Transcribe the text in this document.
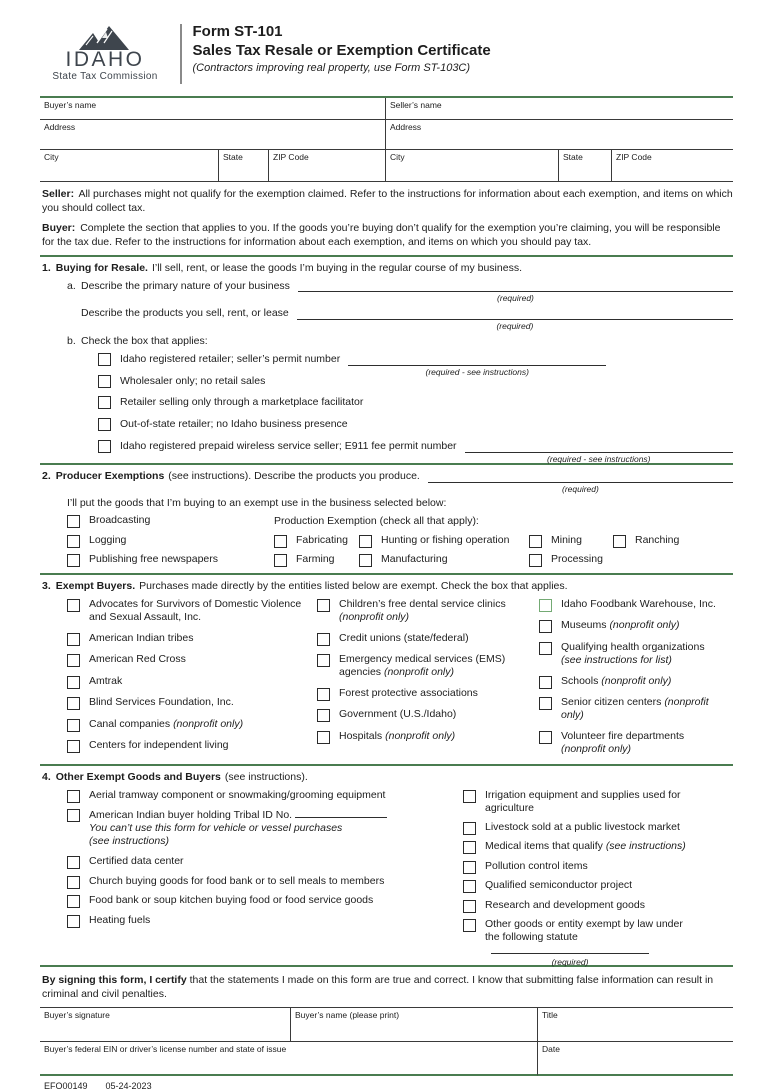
IDAHO
State Tax Commission
Form ST-101
Sales Tax Resale or Exemption Certificate
(Contractors improving real property, use Form ST-103C)
Buyer’s name	Seller’s name
Address	Address
City	State	ZIP Code	City	State	ZIP Code

Seller: All purchases might not qualify for the exemption claimed. Refer to the instructions for information about each exemption, and items on which you should collect tax.

Buyer: Complete the section that applies to you. If the goods you’re buying don’t qualify for the exemption you’re claiming, you will be responsible for the tax due. Refer to the instructions for information about each exemption, and items on which you should pay tax.

1. Buying for Resale. I’ll sell, rent, or lease the goods I’m buying in the regular course of my business.
a. Describe the primary nature of your business
(required)
Describe the products you sell, rent, or lease
(required)
b. Check the box that applies:
Idaho registered retailer; seller’s permit number
(required - see instructions)
Wholesaler only; no retail sales
Retailer selling only through a marketplace facilitator
Out-of-state retailer; no Idaho business presence
Idaho registered prepaid wireless service seller; E911 fee permit number
(required - see instructions)
2. Producer Exemptions (see instructions). Describe the products you produce.
(required)
I’ll put the goods that I’m buying to an exempt use in the business selected below:
Broadcasting	Production Exemption (check all that apply):
Logging	Fabricating	Hunting or fishing operation	Mining	Ranching
Publishing free newspapers	Farming	Manufacturing	Processing
3. Exempt Buyers. Purchases made directly by the entities listed below are exempt. Check the box that applies.
Advocates for Survivors of Domestic Violence and Sexual Assault, Inc.
American Indian tribes
American Red Cross
Amtrak
Blind Services Foundation, Inc.
Canal companies (nonprofit only)
Centers for independent living
Children’s free dental service clinics
(nonprofit only)
Credit unions (state/federal)
Emergency medical services (EMS) agencies (nonprofit only)
Forest protective associations
Government (U.S./Idaho)
Hospitals (nonprofit only)
Idaho Foodbank Warehouse, Inc.
Museums (nonprofit only)
Qualifying health organizations
(see instructions for list)
Schools (nonprofit only)
Senior citizen centers (nonprofit only)
Volunteer fire departments
(nonprofit only)
4. Other Exempt Goods and Buyers (see instructions).
Aerial tramway component or snowmaking/grooming equipment
American Indian buyer holding Tribal ID No.
You can’t use this form for vehicle or vessel purchases (see instructions)
Certified data center
Church buying goods for food bank or to sell meals to members
Food bank or soup kitchen buying food or food service goods
Heating fuels
Irrigation equipment and supplies used for agriculture
Livestock sold at a public livestock market
Medical items that qualify (see instructions)
Pollution control items
Qualified semiconductor project
Research and development goods
Other goods or entity exempt by law under
the following statute
(required)

By signing this form, I certify that the statements I made on this form are true and correct. I know that submitting false information can result in criminal and civil penalties.

Buyer’s signature	Buyer’s name (please print)	Title
Buyer’s federal EIN or driver’s license number and state of issue	Date
EFO00149 05-24-2023
